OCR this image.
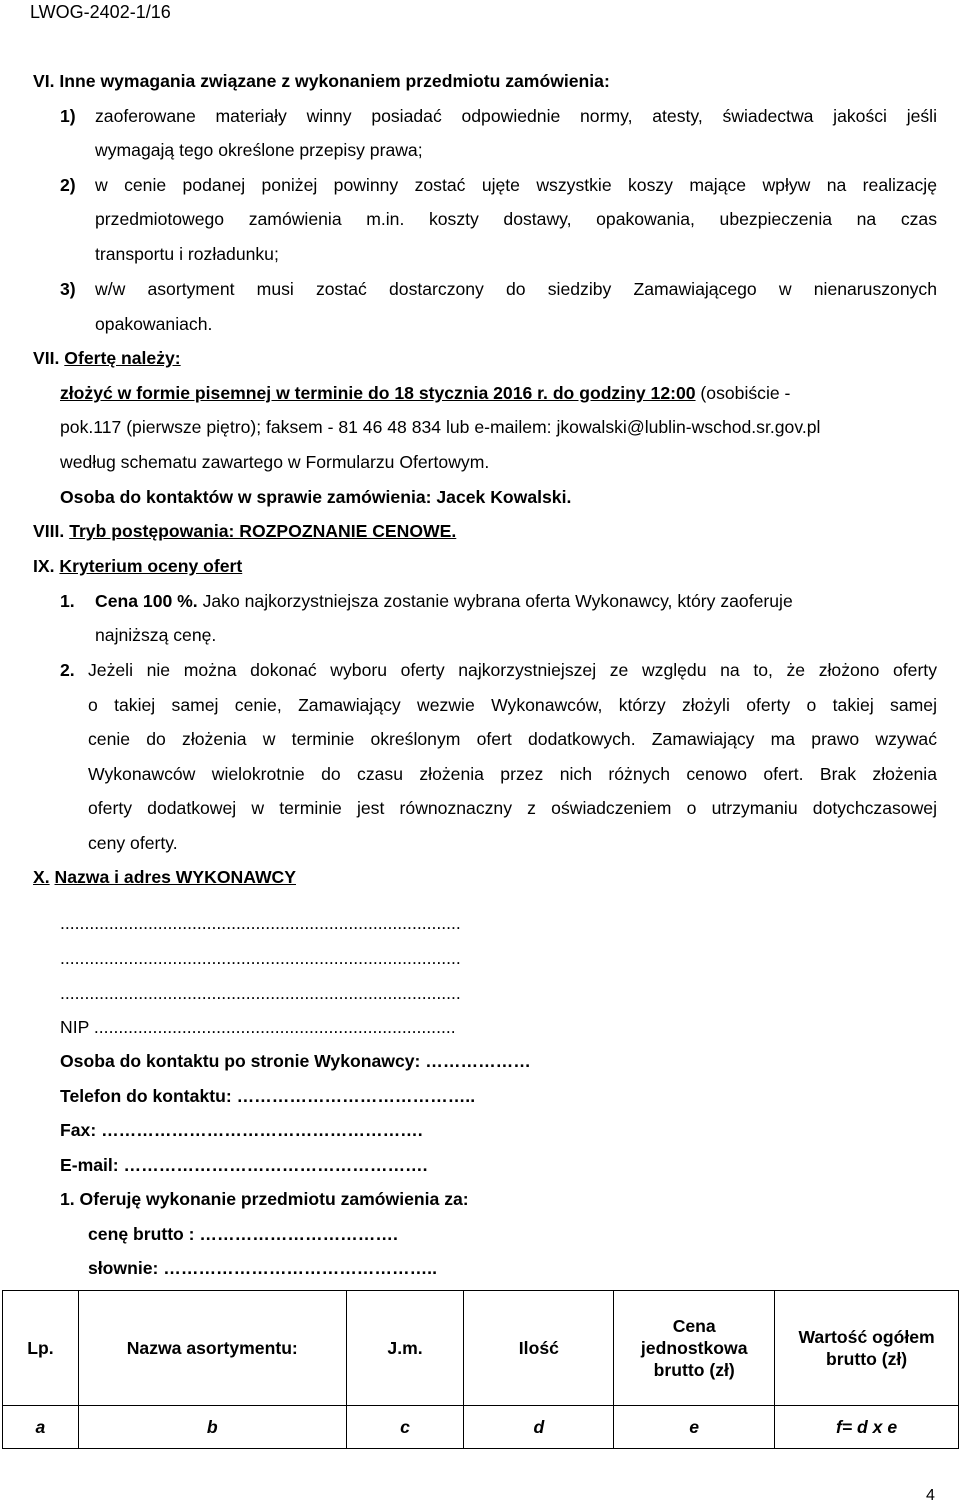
LWOG-2402-1/16
VI. Inne wymagania związane z wykonaniem przedmiotu zamówienia:
1) zaoferowane materiały winny posiadać odpowiednie normy, atesty, świadectwa jakości jeśli
wymagają tego określone przepisy prawa;
2) w cenie podanej poniżej powinny zostać ujęte wszystkie koszy mające wpływ na realizację
przedmiotowego zamówienia m.in. koszty dostawy, opakowania, ubezpieczenia na czas
transportu i rozładunku;
3) w/w asortyment musi zostać dostarczony do siedziby Zamawiającego w nienaruszonych
opakowaniach.
VII. Ofertę należy:
złożyć w formie pisemnej w terminie do 18 stycznia 2016 r. do godziny 12:00 (osobiście -
pok.117 (pierwsze piętro); faksem - 81 46 48 834 lub e-mailem: jkowalski@lublin-wschod.sr.gov.pl
według schematu zawartego w Formularzu Ofertowym.
Osoba do kontaktów w sprawie zamówienia: Jacek Kowalski.
VIII. Tryb postępowania: ROZPOZNANIE CENOWE.
IX. Kryterium oceny ofert
1. Cena 100 %. Jako najkorzystniejsza zostanie wybrana oferta Wykonawcy, który zaoferuje
najniższą cenę.
2. Jeżeli nie można dokonać wyboru oferty najkorzystniejszej ze względu na to, że złożono oferty
o takiej samej cenie, Zamawiający wezwie Wykonawców, którzy złożyli oferty o takiej samej
cenie do złożenia w terminie określonym ofert dodatkowych. Zamawiający ma prawo wzywać
Wykonawców wielokrotnie do czasu złożenia przez nich różnych cenowo ofert. Brak złożenia
oferty dodatkowej w terminie jest równoznaczny z oświadczeniem o utrzymaniu dotychczasowej
ceny oferty.
X. Nazwa i adres WYKONAWCY
..................................................................................
..................................................................................
..................................................................................
NIP ..........................................................................
Osoba do kontaktu po stronie Wykonawcy: ………………
Telefon do kontaktu: …………………………………..
Fax: ……………………………………………….
E-mail: …………………………………………….
1. Oferuję wykonanie przedmiotu zamówienia za:
cenę brutto : …………………………….
słownie: ………………………………………..
Lp.	Nazwa asortymentu:	J.m.	Ilość	Cena jednostkowa brutto (zł)	Wartość ogółem brutto (zł)
a	b	c	d	e	f= d x e
4
